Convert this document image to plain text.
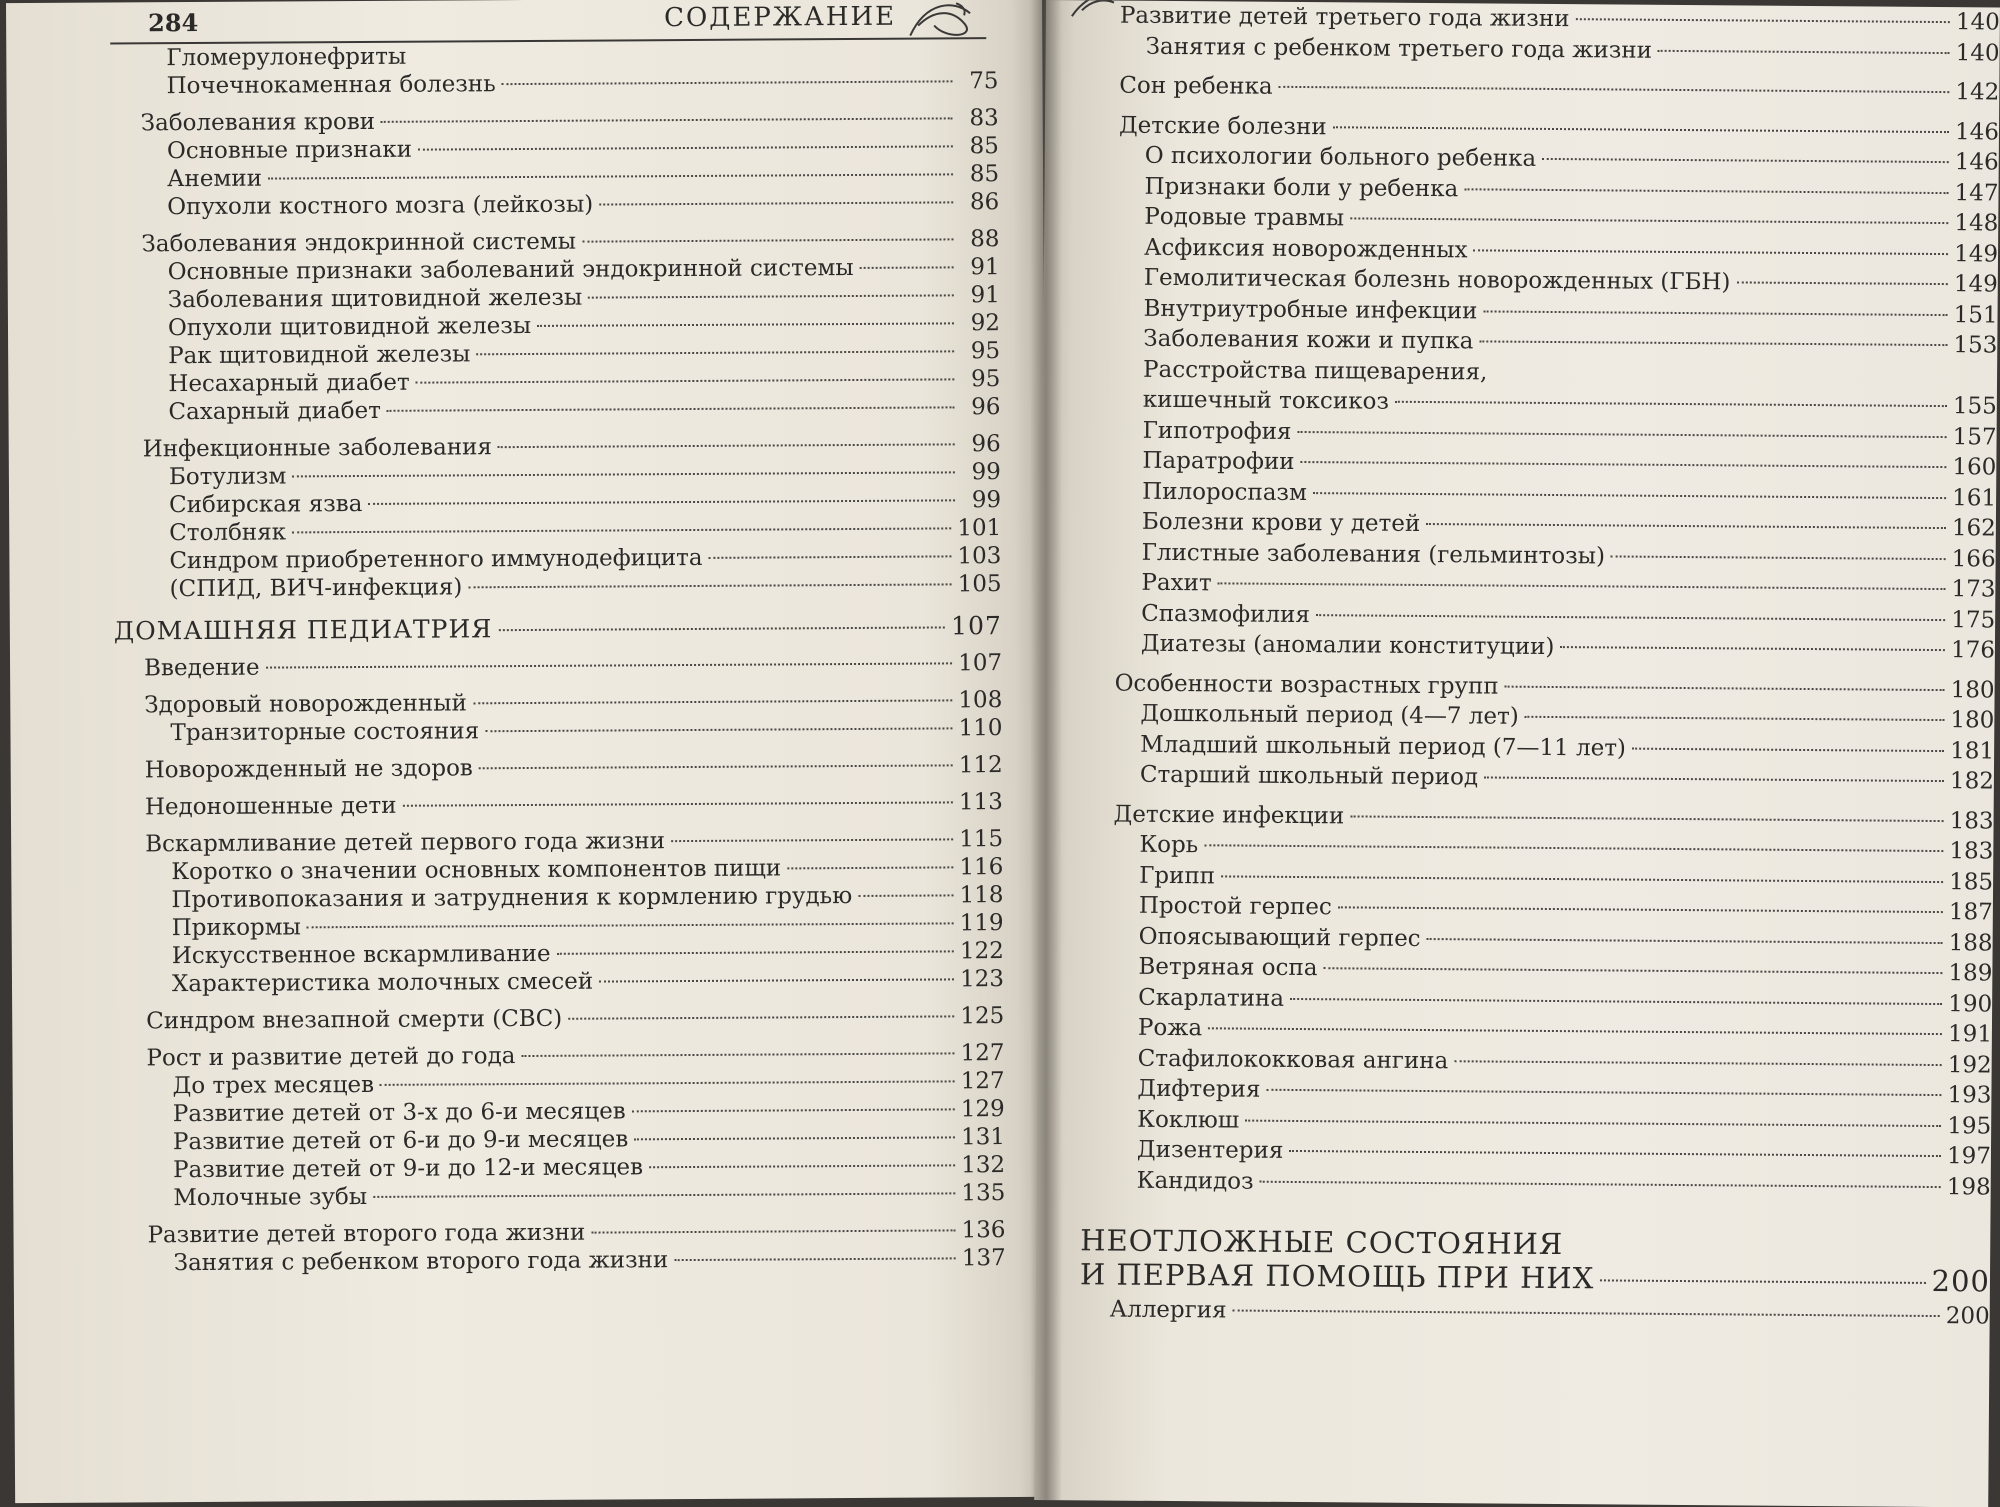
284	СОДЕРЖАНИЕ
Гломерулонефриты
Почечнокаменная болезнь	75
Заболевания крови	83
Основные признаки	85
Анемии	85
Опухоли костного мозга (лейкозы)	86
Заболевания эндокринной системы	88
Основные признаки заболеваний эндокринной системы	91
Заболевания щитовидной железы	91
Опухоли щитовидной железы	92
Рак щитовидной железы	95
Несахарный диабет	95
Сахарный диабет	96
Инфекционные заболевания	96
Ботулизм	99
Сибирская язва	99
Столбняк	101
Синдром приобретенного иммунодефицита	103
(СПИД, ВИЧ-инфекция)	105
ДОМАШНЯЯ ПЕДИАТРИЯ	107
Введение	107
Здоровый новорожденный	108
Транзиторные состояния	110
Новорожденный не здоров	112
Недоношенные дети	113
Вскармливание детей первого года жизни	115
Коротко о значении основных компонентов пищи	116
Противопоказания и затруднения к кормлению грудью	118
Прикормы	119
Искусственное вскармливание	122
Характеристика молочных смесей	123
Синдром внезапной смерти (СВС)	125
Рост и развитие детей до года	127
До трех месяцев	127
Развитие детей от 3-х до 6-и месяцев	129
Развитие детей от 6-и до 9-и месяцев	131
Развитие детей от 9-и до 12-и месяцев	132
Молочные зубы	135
Развитие детей второго года жизни	136
Занятия с ребенком второго года жизни	137
Развитие детей третьего года жизни	140
Занятия с ребенком третьего года жизни	140
Сон ребенка	142
Детские болезни	146
О психологии больного ребенка	146
Признаки боли у ребенка	147
Родовые травмы	148
Асфиксия новорожденных	149
Гемолитическая болезнь новорожденных (ГБН)	149
Внутриутробные инфекции	151
Заболевания кожи и пупка	153
Расстройства пищеварения,
кишечный токсикоз	155
Гипотрофия	157
Паратрофии	160
Пилороспазм	161
Болезни крови у детей	162
Глистные заболевания (гельминтозы)	166
Рахит	173
Спазмофилия	175
Диатезы (аномалии конституции)	176
Особенности возрастных групп	180
Дошкольный период (4—7 лет)	180
Младший школьный период (7—11 лет)	181
Старший школьный период	182
Детские инфекции	183
Корь	183
Грипп	185
Простой герпес	187
Опоясывающий герпес	188
Ветряная оспа	189
Скарлатина	190
Рожа	191
Стафилококковая ангина	192
Дифтерия	193
Коклюш	195
Дизентерия	197
Кандидоз	198
НЕОТЛОЖНЫЕ СОСТОЯНИЯ
И ПЕРВАЯ ПОМОЩЬ ПРИ НИХ	200
Аллергия	200
